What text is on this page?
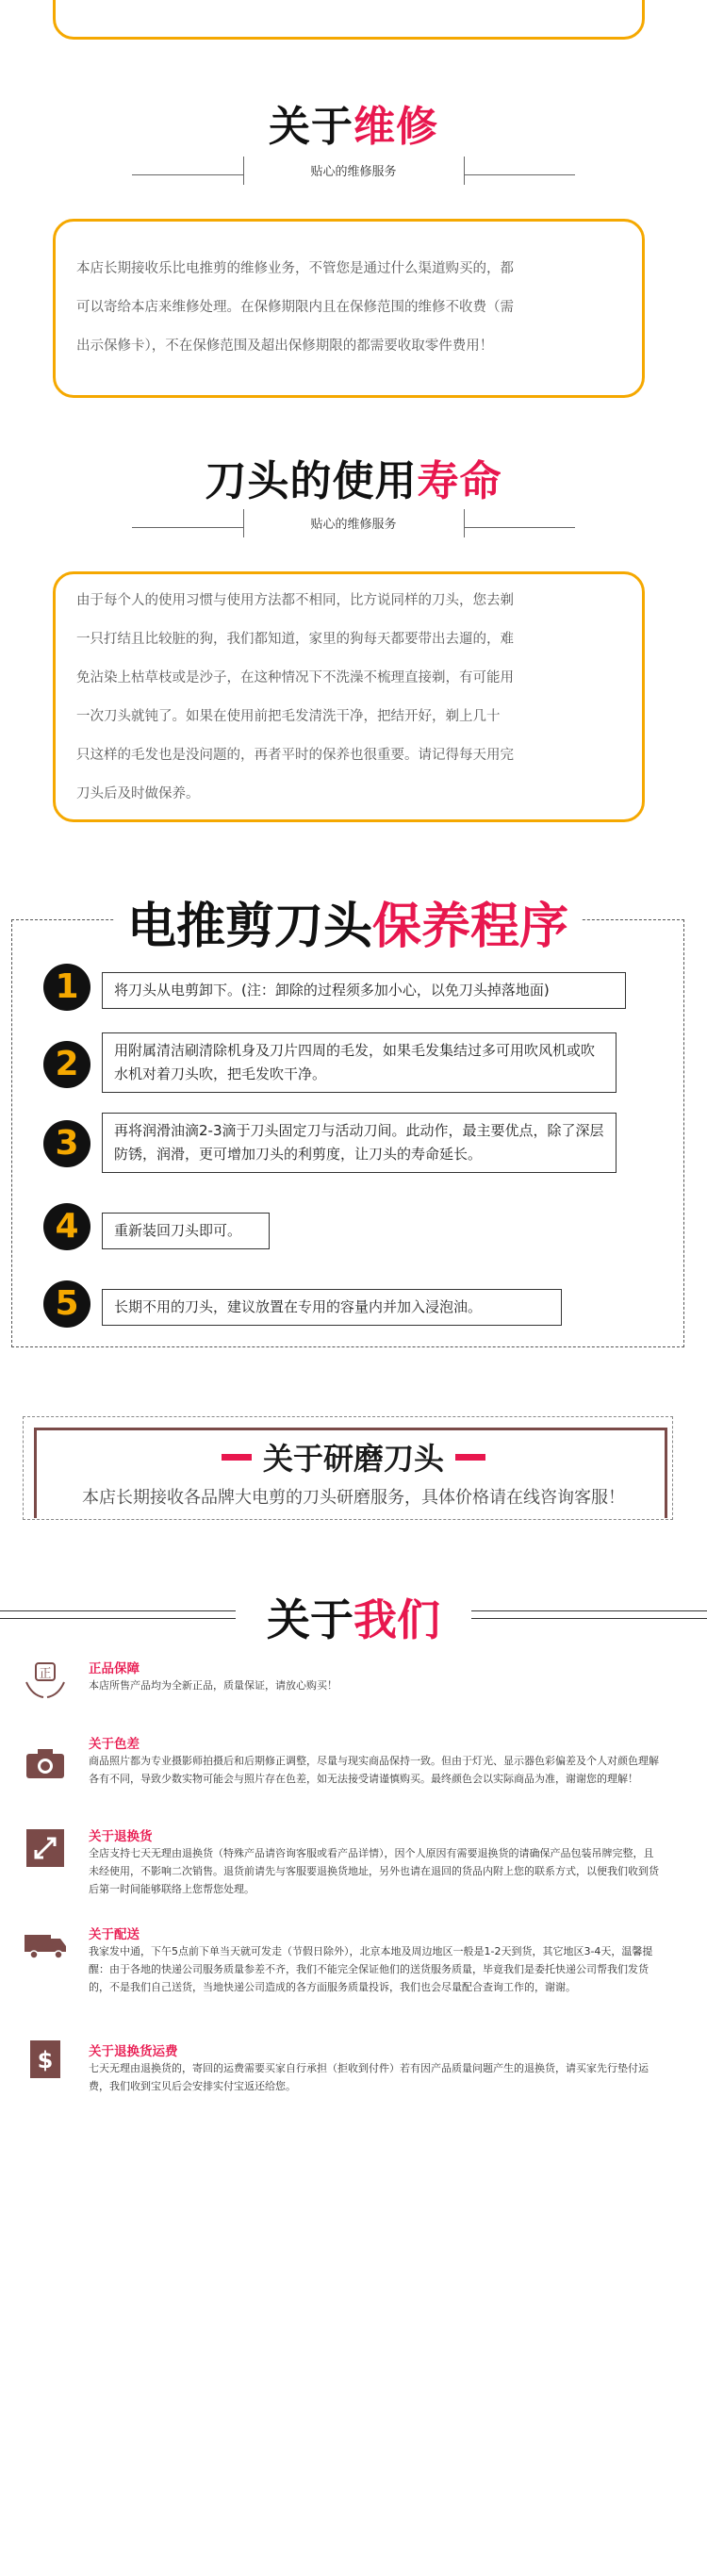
关于维修
贴心的维修服务

本店长期接收乐比电推剪的维修业务，不管您是通过什么渠道购买的，都

可以寄给本店来维修处理。在保修期限内且在保修范围的维修不收费（需

出示保修卡），不在保修范围及超出保修期限的都需要收取零件费用！

刀头的使用寿命
贴心的维修服务

由于每个人的使用习惯与使用方法都不相同，比方说同样的刀头，您去剃

一只打结且比较脏的狗，我们都知道，家里的狗每天都要带出去遛的，难

免沾染上枯草枝或是沙子，在这种情况下不洗澡不梳理直接剃，有可能用

一次刀头就钝了。如果在使用前把毛发清洗干净，把结开好，剃上几十

只这样的毛发也是没问题的，再者平时的保养也很重要。请记得每天用完

刀头后及时做保养。

电推剪刀头保养程序
1	将刀头从电剪卸下。(注：卸除的过程须多加小心，以免刀头掉落地面)
2	用附属清洁刷清除机身及刀片四周的毛发，如果毛发集结过多可用吹风机或吹水机对着刀头吹，把毛发吹干净。
3	再将润滑油滴2-3滴于刀头固定刀与活动刀间。此动作，最主要优点，除了深层防锈，润滑，更可增加刀头的利剪度，让刀头的寿命延长。
4	重新装回刀头即可。
5	长期不用的刀头，建议放置在专用的容量内并加入浸泡油。
关于研磨刀头
本店长期接收各品牌大电剪的刀头研磨服务，具体价格请在线咨询客服！
关于我们
正	正品保障
本店所售产品均为全新正品，质量保证，请放心购买！
关于色差
商品照片都为专业摄影师拍摄后和后期修正调整，尽量与现实商品保持一致。但由于灯光、显示器色彩偏差及个人对颜色理解各有不同，导致少数实物可能会与照片存在色差，如无法接受请谨慎购买。最终颜色会以实际商品为准，谢谢您的理解！
关于退换货
全店支持七天无理由退换货（特殊产品请咨询客服或看产品详情），因个人原因有需要退换货的请确保产品包装吊牌完整，且未经使用，不影响二次销售。退货前请先与客服要退换货地址，另外也请在退回的货品内附上您的联系方式，以便我们收到货后第一时间能够联络上您帮您处理。
关于配送
我家发中通，下午5点前下单当天就可发走（节假日除外），北京本地及周边地区一般是1-2天到货，其它地区3-4天，温馨提醒：由于各地的快递公司服务质量参差不齐，我们不能完全保证他们的送货服务质量，毕竟我们是委托快递公司帮我们发货的，不是我们自己送货，当地快递公司造成的各方面服务质量投诉，我们也会尽量配合查询工作的，谢谢。
$	关于退换货运费
七天无理由退换货的，寄回的运费需要买家自行承担（拒收到付件）若有因产品质量问题产生的退换货，请买家先行垫付运费，我们收到宝贝后会安排实付宝返还给您。
